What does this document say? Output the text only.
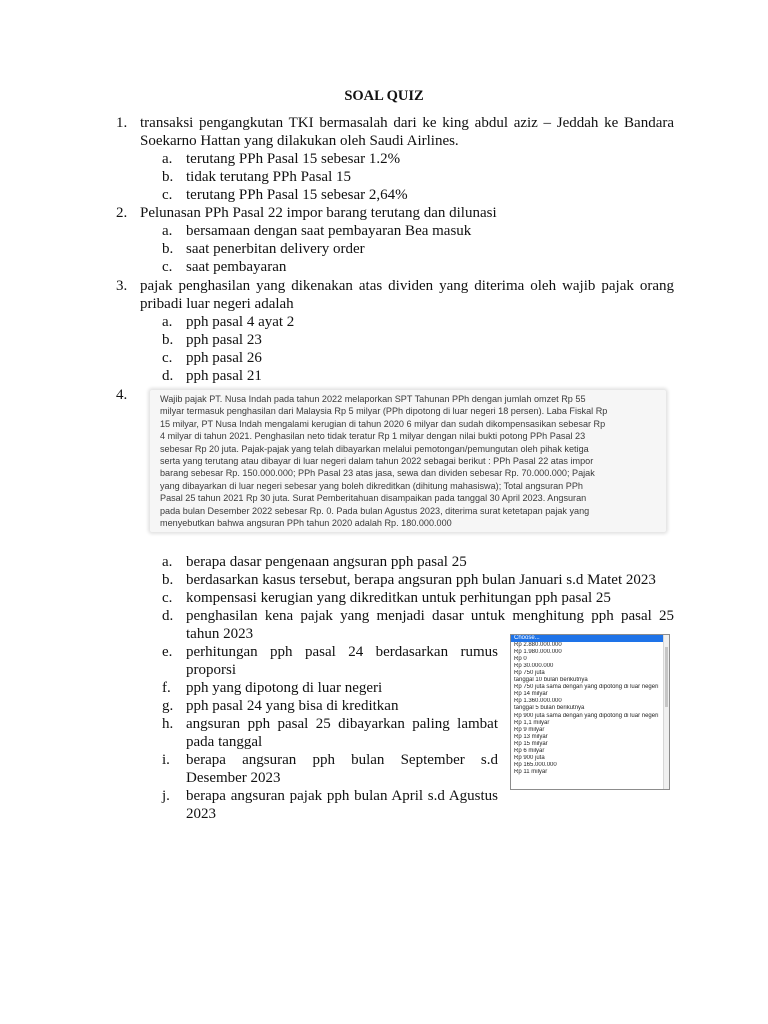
SOAL QUIZ
1. transaksi pengangkutan TKI bermasalah dari ke king abdul aziz – Jeddah ke Bandara Soekarno Hattan yang dilakukan oleh Saudi Airlines.
a. terutang PPh Pasal 15 sebesar 1.2%
b. tidak terutang PPh Pasal 15
c. terutang PPh Pasal 15 sebesar 2,64%
2. Pelunasan PPh Pasal 22 impor barang terutang dan dilunasi
a. bersamaan dengan saat pembayaran Bea masuk
b. saat penerbitan delivery order
c. saat pembayaran
3. pajak penghasilan yang dikenakan atas dividen yang diterima oleh wajib pajak orang pribadi luar negeri adalah
a. pph pasal 4 ayat 2
b. pph pasal 23
c. pph pasal 26
d. pph pasal 21
4.	Wajib pajak PT. Nusa Indah pada tahun 2022 melaporkan SPT Tahunan PPh dengan jumlah omzet Rp 55
milyar termasuk penghasilan dari Malaysia Rp 5 milyar (PPh dipotong di luar negeri 18 persen). Laba Fiskal Rp
15 milyar, PT Nusa Indah mengalami kerugian di tahun 2020 6 milyar dan sudah dikompensasikan sebesar Rp
4 milyar di tahun 2021. Penghasilan neto tidak teratur Rp 1 milyar dengan nilai bukti potong PPh Pasal 23
sebesar Rp 20 juta. Pajak-pajak yang telah dibayarkan melalui pemotongan/pemungutan oleh pihak ketiga
serta yang terutang atau dibayar di luar negeri dalam tahun 2022 sebagai berikut : PPh Pasal 22 atas impor
barang sebesar Rp. 150.000.000; PPh Pasal 23 atas jasa, sewa dan dividen sebesar Rp. 70.000.000; Pajak
yang dibayarkan di luar negeri sebesar yang boleh dikreditkan (dihitung mahasiswa); Total angsuran PPh
Pasal 25 tahun 2021 Rp 30 juta. Surat Pemberitahuan disampaikan pada tanggal 30 April 2023. Angsuran
pada bulan Desember 2022 sebesar Rp. 0. Pada bulan Agustus 2023, diterima surat ketetapan pajak yang
menyebutkan bahwa angsuran PPh tahun 2020 adalah Rp. 180.000.000
a. berapa dasar pengenaan angsuran pph pasal 25
b. berdasarkan kasus tersebut, berapa angsuran pph bulan Januari s.d Matet 2023
c. kompensasi kerugian yang dikreditkan untuk perhitungan pph pasal 25
d. penghasilan kena pajak yang menjadi dasar untuk menghitung pph pasal 25 tahun 2023
e. perhitungan pph pasal 24 berdasarkan rumus proporsi
f. pph yang dipotong di luar negeri
g. pph pasal 24 yang bisa di kreditkan
h. angsuran pph pasal 25 dibayarkan paling lambat pada tanggal
i. berapa angsuran pph bulan September s.d Desember 2023
j. berapa angsuran pajak pph bulan April s.d Agustus 2023
Choose...
Rp 2.880.000.000
Rp 1.980.000.000
Rp 0
Rp 30.000.000
Rp 750 juta
tanggal 10 bulan berikutnya
Rp 750 juta sama dengan yang dipotong di luar negeri
Rp 14 milyar
Rp 1.360.000.000
tanggal 5 bulan berikutnya
Rp 900 juta sama dengan yang dipotong di luar negeri
Rp 1,1 milyar
Rp 9 milyar
Rp 13 milyar
Rp 15 milyar
Rp 6 milyar
Rp 900 juta
Rp 165.000.000
Rp 11 milyar
